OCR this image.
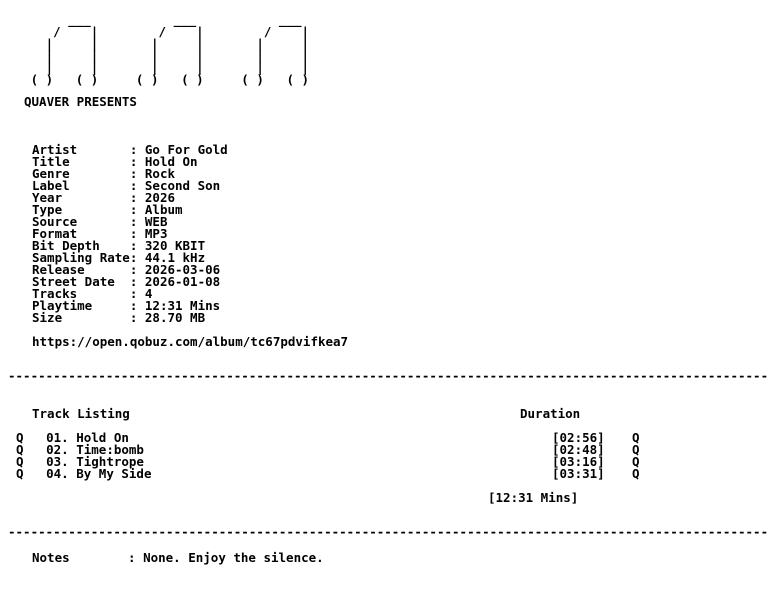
___           ___           ___
/    |        /    |        /    |
|     |       |     |       |     |
|     |       |     |       |     |
|     |       |     |       |     |
( )   ( )     ( )   ( )     ( )   ( )
QUAVER PRESENTS
Artist       : Go For Gold
Title        : Hold On
Genre        : Rock
Label        : Second Son
Year         : 2026
Type         : Album
Source       : WEB
Format       : MP3
Bit Depth    : 320 KBIT
Sampling Rate: 44.1 kHz
Release      : 2026-03-06
Street Date  : 2026-01-08
Tracks       : 4
Playtime     : 12:31 Mins
Size         : 28.70 MB
https://open.qobuz.com/album/tc67pdvifkea7
-----------------------------------------------------------------------------------------------------
Track Listing	Duration
Q 01. Hold On	[02:56] Q
Q 02. Time:bomb	[02:48] Q
Q 03. Tightrope	[03:16] Q
Q 04. By My Side	[03:31] Q
[12:31 Mins]
-----------------------------------------------------------------------------------------------------
Notes	: None. Enjoy the silence.
